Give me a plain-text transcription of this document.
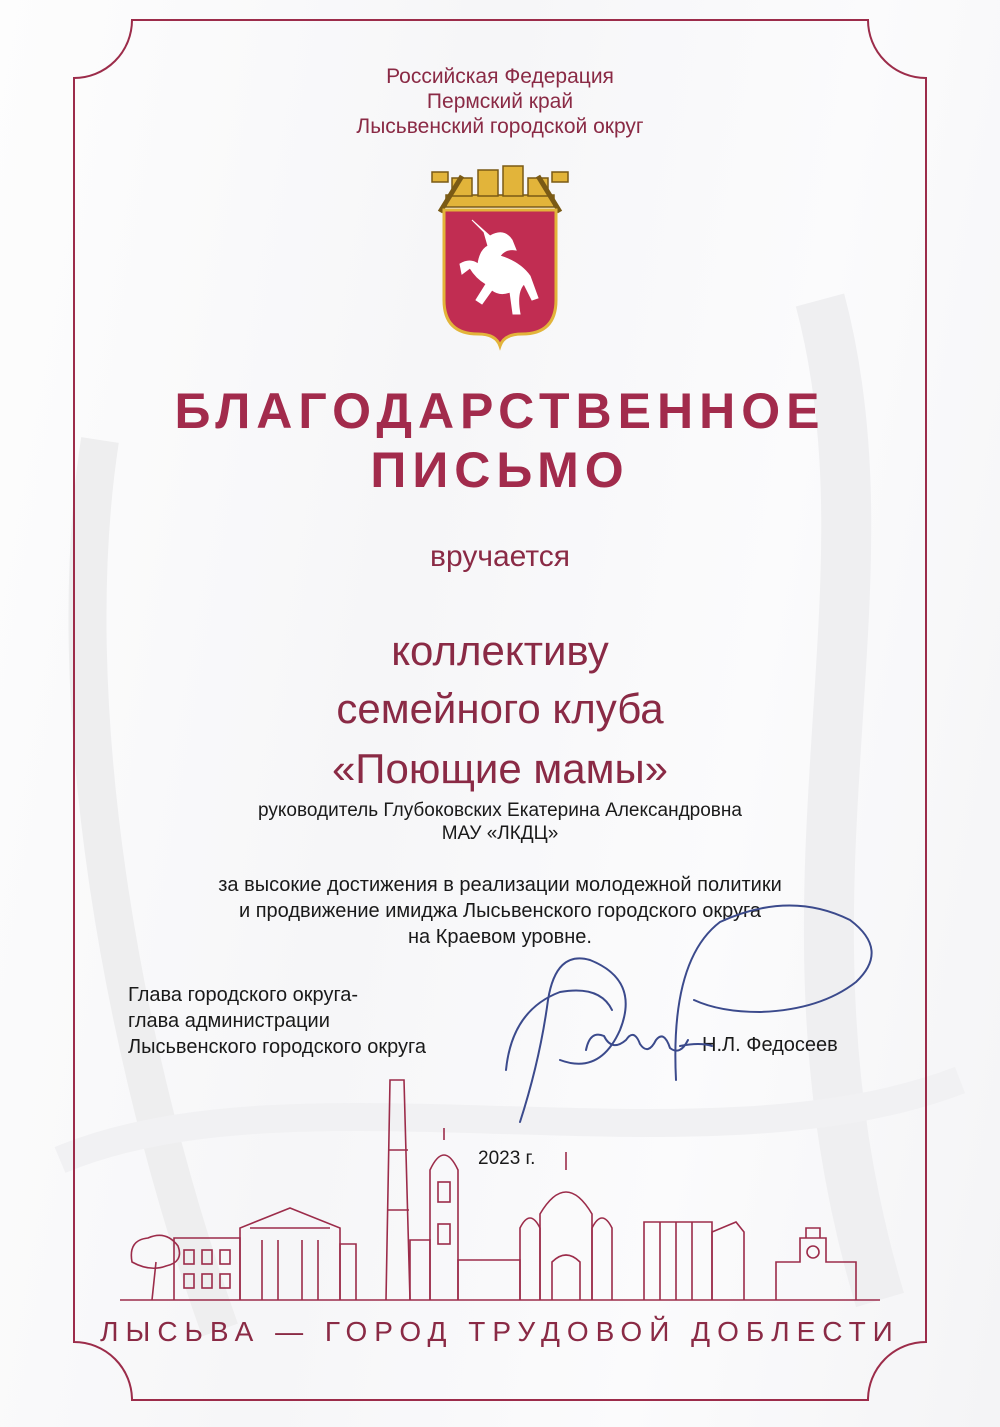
Российская Федерация
Пермский край
Лысьвенский городской округ
БЛАГОДАРСТВЕННОЕ
ПИСЬМО
вручается
коллективу
семейного клуба
«Поющие мамы»
руководитель Глубоковских Екатерина Александровна
МАУ «ЛКДЦ»
за высокие достижения в реализации молодежной политики
и продвижение имиджа Лысьвенского городского округа
на Краевом уровне.
Глава городского округа-
глава администрации
Лысьвенского городского округа	Н.Л. Федосеев
2023 г.
ЛЫСЬВА — ГОРОД ТРУДОВОЙ ДОБЛЕСТИ
